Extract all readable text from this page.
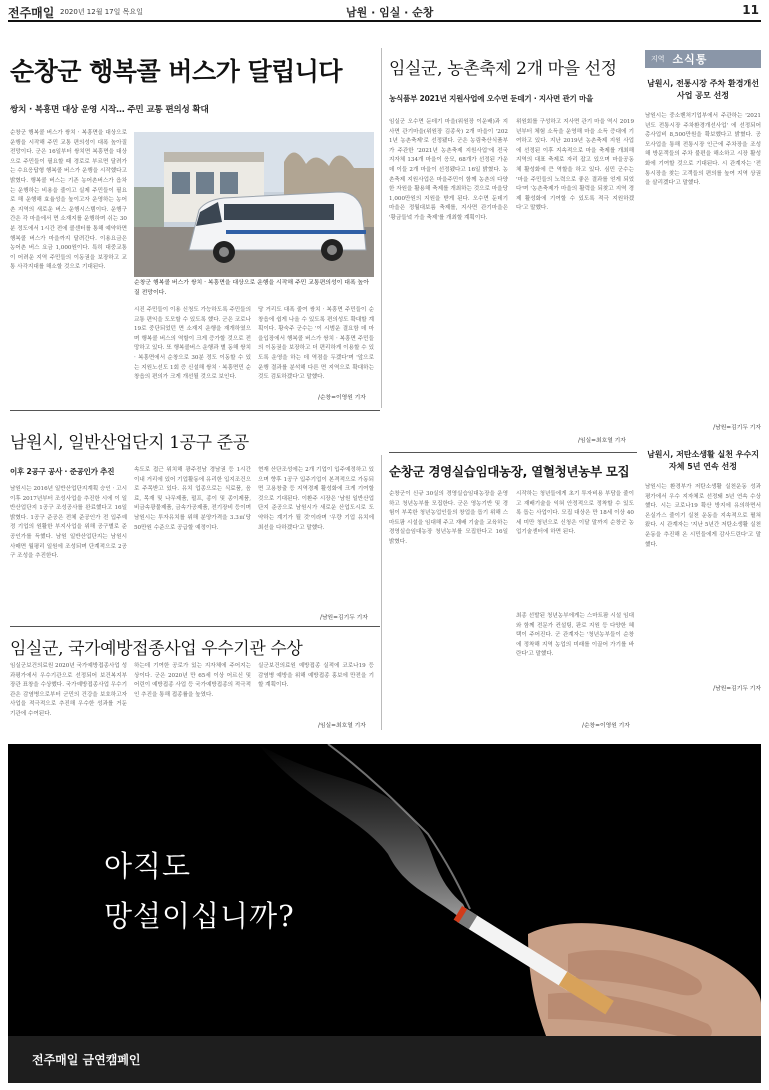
전주매일 2020년 12월 17일 목요일	남원 · 임실 · 순창	11
순창군 행복콜 버스가 달립니다
쌍치 · 복흥면 대상 운영 시작… 주민 교통 편의성 확대
순창군 행복콜 버스가 쌍치 · 복흥면을 대상으로 운행을 시작해 주민 교통 편의성이 대폭 높아질 전망이다. 군은 16일부터 쌍치면 복흥면을 대상으로 주민들이 필요할 때 경로로 부르면 달려가는 수요응답형 행복콜 버스가 운행을 시작했다고 밝혔다. 행복콜 버스는 기존 농어촌버스가 읍차는 운행하는 비용을 줄이고 실제 주민들이 필요로 해 운행해 효율성을 높이고자 운영하는 농어촌 지역의 새로운 버스 운행시스템이다. 운행구간은 각 마을에서 면 소재지를 운행하며 쉬는 30분 정도에서 1시간 전에 콜센터를 통해 예약하면 행복콜 버스가 마을까지 달려간다. 이용요금은 농어촌 버스 요금 1,000원이다. 특히 대중교통이 어려운 지역 주민들의 이동권을 보장하고 교통 사각지대를 해소할 것으로 기대된다.
순창군 행복콜 버스가 쌍치 · 복흥면을 대상으로 운행을 시작해 주민 교통편의성이 대폭 높아질 전망이다.
시진 주민들이 이용 신청도 가능하도록 주민들의 교통 편익을 도모할 수 있도록 했다. 군은 코로나19로 중단되었던 면 소재지 운행을 재개하였으며 행복콜 버스의 역할이 크게 증가할 것으로 전망하고 있다. 또 행복콜버스 운행과 별 동해 쌍치 · 복흥면에서 순창으로 30분 정도 이동할 수 있는 지원노선도 1회 증 신설해 쌍치 · 복흥면민 순창읍의 편의가 크게 개선될 것으로 보인다.
당 거리도 대폭 줄여 쌍치 · 복흥면 주민들이 순창읍에 쉽게 나올 수 있도록 편의성도 확대할 계획이다. 황숙주 군수는 '이 시범운 결요함 데 마을입장에서 행복콜 버스가 쌍치 · 복흥면 주민들의 이동권을 보장하고 더 편리하게 이용할 수 있도록 운영을 하는 데 역점을 두겠다'며 '앞으로 운행 결과를 분석해 다른 면 지역으로 확대하는 것도 검토하겠다'고 말했다.
/순창=이영원 기자
임실군, 농촌축제 2개 마을 선정
농식품부 2021년 지원사업에 오수면 둔데기 · 지사면 관기 마을
임실군 오수면 둔데기 마을(위원장 이운배)과 지사면 관기마을(위원장 김종욱) 2개 마을이 '2021년 농촌축제'로 선정됐다. 군은 농림축산식품부가 주관한 '2021년 농촌축제 지원사업'에 전국 지자체 134개 마을이 응모, 68개가 선정된 가운데 이들 2개 마을이 선정됐다고 16일 밝혔다. 농촌축제 지원사업은 마을주민이 함께 농촌의 다양한 자원을 활용해 축제를 개최하는 것으로 마을당 1,000만원의 지원을 받게 된다. 오수면 둔데기 마을은 정월대보름 축제를, 지사면 관기마을은 '황금들녘 가을 축제'를 개최할 계획이다.
위원회를 구성하고 지사면 관기 마을 역시 2019년부터 체험 소득을 운영해 마을 소득 증대에 기여하고 있다. 지난 2019년 농촌축제 지원 사업에 선정된 이후 지속적으로 마을 축제를 개최해 지역의 대표 축제로 자리 잡고 있으며 마을공동체 활성화에 큰 역할을 하고 있다. 심민 군수는 '마을 주민들의 노력으로 좋은 결과를 얻게 되었다'며 '농촌축제가 마을의 활력을 되찾고 지역 경제 활성화에 기여할 수 있도록 적극 지원하겠다'고 말했다.
/임실=최호열 기자
남원시, 일반산업단지 1공구 준공
이후 2공구 공사 · 준공인가 추진
남원시는 2016년 일반산업단지계획 승인 · 고시 이후 2017년부터 조성사업을 추진한 시에 이 일반산업단지 1공구 조성공사를 완료했다고 16일 밝혔다. 1공구 준공은 전체 준공인가 전 입주예정 기업의 원활한 부지사업을 위해 공구별로 준공인가를 득했다. 남원 일반산업단지는 남원시 사매면 월평리 일원에 조성되며 단계적으로 2공구 조성을 추진한다.
속도로 접근 위치해 광주전남 경남권 등 1시간 이내 거리에 있어 기업활동에 유리한 입지조건으로 주목받고 있다. 유치 업종으로는 식료품, 음료, 목재 및 나무제품, 펄프, 종이 및 종이제품, 비금속광물제품, 금속가공제품, 전기장비 등이며 남원시는 투자유치를 위해 분양가격을 3.3㎡당 50만원 수준으로 공급할 예정이다.
현재 산단조성에는 2개 기업이 입주예정하고 있으며 향후 1공구 입주기업이 본격적으로 가동되면 고용창출 등 지역경제 활성화에 크게 기여할 것으로 기대된다. 이환주 시장은 '남원 일반산업단지 준공으로 남원시가 새로운 산업도시로 도약하는 계기가 될 것'이라며 '우량 기업 유치에 최선을 다하겠다'고 말했다.
/남원=김기두 기자
임실군, 국가예방접종사업 우수기관 수상
임실군보건의료원 2020년 국가예방접종사업 성과평가에서 우수기관으로 선정되어 보건복지부 장관 표창을 수상했다. 국가예방접종사업 우수기관은 감염병으로부터 군민의 건강을 보호하고자 사업을 적극적으로 추진해 우수한 성과를 거둔 기관에 수여된다.
하는데 기여한 공로가 있는 지자체에 주어지는 상이다. 군은 2020년 만 65세 이상 어르신 및 어린이 예방접종 사업 등 국가예방접종의 적극적인 추진을 통해 접종률을 높였다.
실군보건의료원 예방접종 실적에 코로나19 등 감염병 예방을 위해 예방접종 홍보에 만전을 기할 계획이다.
/임실=최호열 기자
순창군 경영실습임대농장, 열혈청년농부 모집
순창군이 신규 30실의 경영실습임대농장을 운영하고 청년농부를 모집한다. 군은 영농기반 및 경험이 부족한 청년농업인들의 창업을 돕기 위해 스마트팜 시설을 임대해 주고 재배 기술을 교육하는 경영실습임대농장 청년농부를 모집한다고 16일 밝혔다.
시작하는 청년들에게 초기 투자비용 부담을 줄이고 재배기술을 익혀 안정적으로 정착할 수 있도록 돕는 사업이다. 모집 대상은 만 18세 이상 40세 미만 청년으로 신청은 이달 말까지 순창군 농업기술센터에 하면 된다.
최종 선발된 청년농부에게는 스마트팜 시설 임대와 함께 전문가 컨설팅, 판로 지원 등 다양한 혜택이 주어진다. 군 관계자는 '청년농부들이 순창에 정착해 지역 농업의 미래를 이끌어 가기를 바란다'고 말했다.
/순창=이영원 기자
지역 소식통
남원시, 전통시장 주차 환경개선사업 공모 선정
남원시는 중소벤처기업부에서 주관하는 '2021년도 전통시장 주차환경개선사업' 에 선정되어 총사업비 8,500만원을 확보했다고 밝혔다. 공모사업을 통해 전통시장 인근에 주차장을 조성해 방문객들의 주차 불편을 해소하고 시장 활성화에 기여할 것으로 기대된다. 시 관계자는 '전통시장을 찾는 고객들의 편의를 높여 지역 상권을 살리겠다'고 말했다.
/남원=김기두 기자
남원시, 저탄소생활 실천 우수지자체 5년 연속 선정
남원시는 환경부가 저탄소생활 실천운동 성과 평가에서 우수 지자체로 선정돼 5년 연속 수상했다. 시는 코로나19 확산 방지에 유의하면서 온실가스 줄이기 실천 운동을 지속적으로 펼쳐왔다. 시 관계자는 '지난 5년간 저탄소생활 실천운동을 추진해 온 시민들에게 감사드린다'고 말했다.
/남원=김기두 기자
아직도
망설이십니까?
전주매일 금연캠페인
